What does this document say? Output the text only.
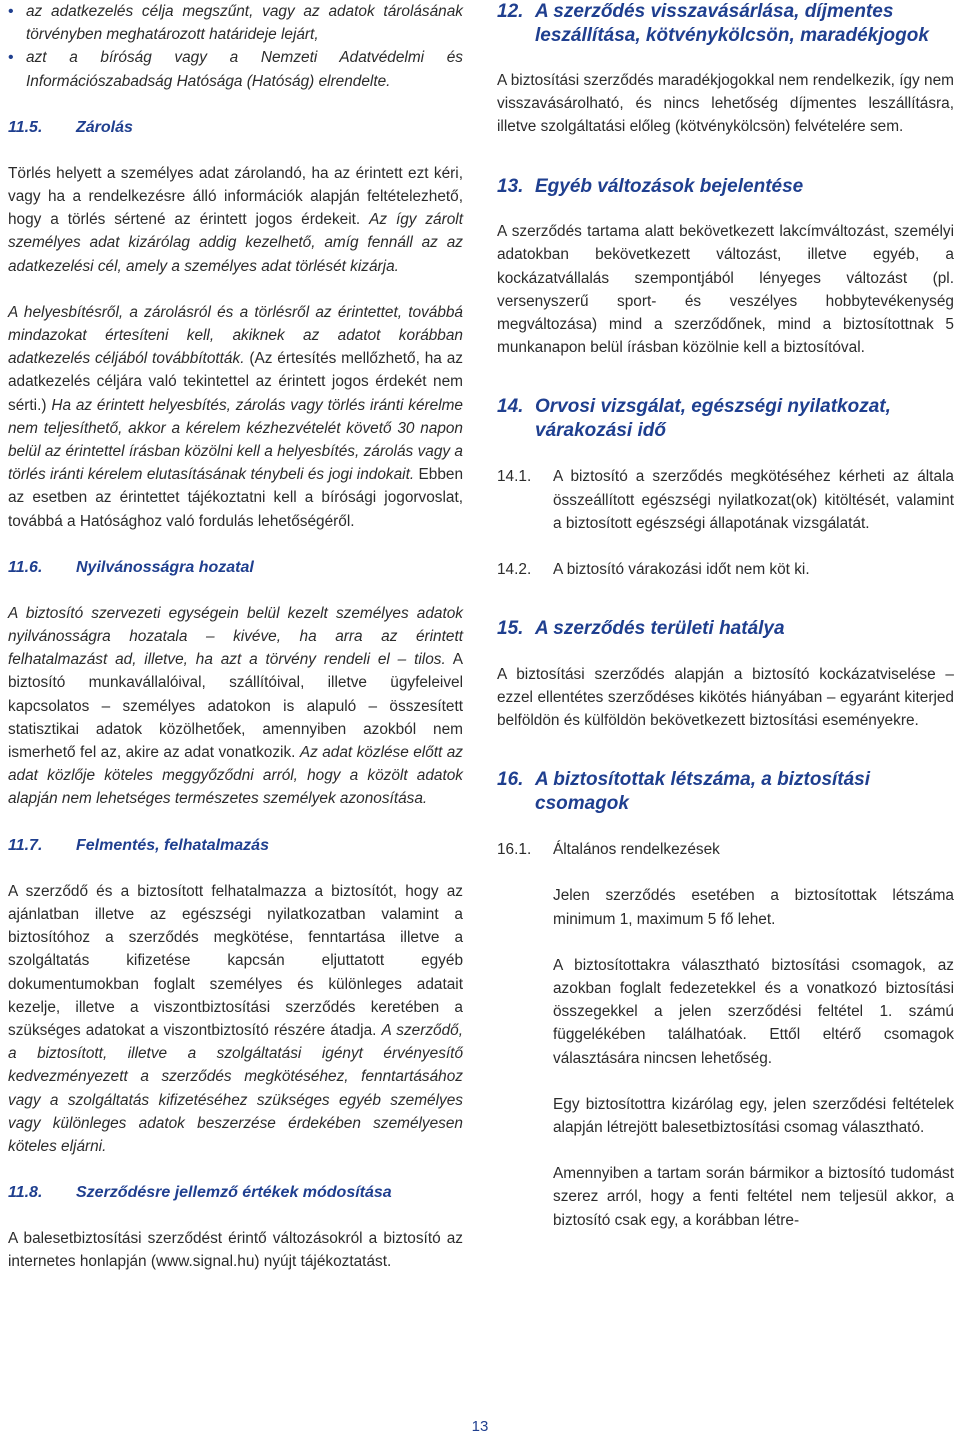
• az adatkezelés célja megszűnt, vagy az adatok tárolásának törvényben meghatározott határideje lejárt,

• azt a bíróság vagy a Nemzeti Adatvédelmi és Információszabadság Hatósága (Hatóság) elrendelte.

11.5. Zárolás

Törlés helyett a személyes adat zárolandó, ha az érintett ezt kéri, vagy ha a rendelkezésre álló információk alapján feltételezhető, hogy a törlés sértené az érintett jogos érdekeit. Az így zárolt személyes adat kizárólag addig kezelhető, amíg fennáll az az adatkezelési cél, amely a személyes adat törlését kizárja.

A helyesbítésről, a zárolásról és a törlésről az érintettet, továbbá mindazokat értesíteni kell, akiknek az adatot korábban adatkezelés céljából továbbították. (Az értesítés mellőzhető, ha az adatkezelés céljára való tekintettel az érintett jogos érdekét nem sérti.) Ha az érintett helyesbítés, zárolás vagy törlés iránti kérelme nem teljesíthető, akkor a kérelem kézhezvételét követő 30 napon belül az érintettel írásban közölni kell a helyesbítés, zárolás vagy a törlés iránti kérelem elutasításának ténybeli és jogi indokait. Ebben az esetben az érintettet tájékoztatni kell a bírósági jogorvoslat, továbbá a Hatósághoz való fordulás lehetőségéről.

11.6. Nyilvánosságra hozatal

A biztosító szervezeti egységein belül kezelt személyes adatok nyilvánosságra hozatala – kivéve, ha arra az érintett felhatalmazást ad, illetve, ha azt a törvény rendeli el – tilos. A biztosító munkavállalóival, szállítóival, illetve ügyfeleivel kapcsolatos – személyes adatokon is alapuló – összesített statisztikai adatok közölhetőek, amennyiben azokból nem ismerhető fel az, akire az adat vonatkozik. Az adat közlése előtt az adat közlője köteles meggyőződni arról, hogy a közölt adatok alapján nem lehetséges természetes személyek azonosítása.

11.7. Felmentés, felhatalmazás

A szerződő és a biztosított felhatalmazza a biztosítót, hogy az ajánlatban illetve az egészségi nyilatkozatban valamint a biztosítóhoz a szerződés megkötése, fenntartása illetve a szolgáltatás kifizetése kapcsán eljuttatott egyéb dokumentumokban foglalt személyes és különleges adatait kezelje, illetve a viszontbiztosítási szerződés keretében a szükséges adatokat a viszontbiztosító részére átadja. A szerződő, a biztosított, illetve a szolgáltatási igényt érvényesítő kedvezményezett a szerződés megkötéséhez, fenntartásához vagy a szolgáltatás kifizetéséhez szükséges egyéb személyes vagy különleges adatok beszerzése érdekében személyesen köteles eljárni.

11.8. Szerződésre jellemző értékek módosítása

A balesetbiztosítási szerződést érintő változásokról a biztosító az internetes honlapján (www.signal.hu) nyújt tájékoztatást.

12. A szerződés visszavásárlása, díjmentes leszállítása, kötvénykölcsön, maradékjogok

A biztosítási szerződés maradékjogokkal nem rendelkezik, így nem visszavásárolható, és nincs lehetőség díjmentes leszállításra, illetve szolgáltatási előleg (kötvénykölcsön) felvételére sem.

13. Egyéb változások bejelentése

A szerződés tartama alatt bekövetkezett lakcímváltozást, személyi adatokban bekövetkezett változást, illetve egyéb, a kockázatvállalás szempontjából lényeges változást (pl. versenyszerű sport- és veszélyes hobbytevékenység megváltozása) mind a szerződőnek, mind a biztosítottnak 5 munkanapon belül írásban közölnie kell a biztosítóval.

14. Orvosi vizsgálat, egészségi nyilatkozat, várakozási idő
14.1.	A biztosító a szerződés megkötéséhez kérheti az általa összeállított egészségi nyilatkozat(ok) kitöltését, valamint a biztosított egészségi állapotának vizsgálatát.

14.2.	A biztosító várakozási időt nem köt ki.

15. A szerződés területi hatálya

A biztosítási szerződés alapján a biztosító kockázatviselése – ezzel ellentétes szerződéses kikötés hiányában – egyaránt kiterjed belföldön és külföldön bekövetkezett biztosítási eseményekre.

16. A biztosítottak létszáma, a biztosítási csomagok
16.1.	Általános rendelkezések

Jelen szerződés esetében a biztosítottak létszáma minimum 1, maximum 5 fő lehet.

A biztosítottakra választható biztosítási csomagok, az azokban foglalt fedezetekkel és a vonatkozó biztosítási összegekkel a jelen szerződési feltétel 1. számú függelékében találhatóak. Ettől eltérő csomagok választására nincsen lehetőség.

Egy biztosítottra kizárólag egy, jelen szerződési feltételek alapján létrejött balesetbiztosítási csomag választható.

Amennyiben a tartam során bármikor a biztosító tudomást szerez arról, hogy a fenti feltétel nem teljesül akkor, a biztosító csak egy, a korábban létre-

13
